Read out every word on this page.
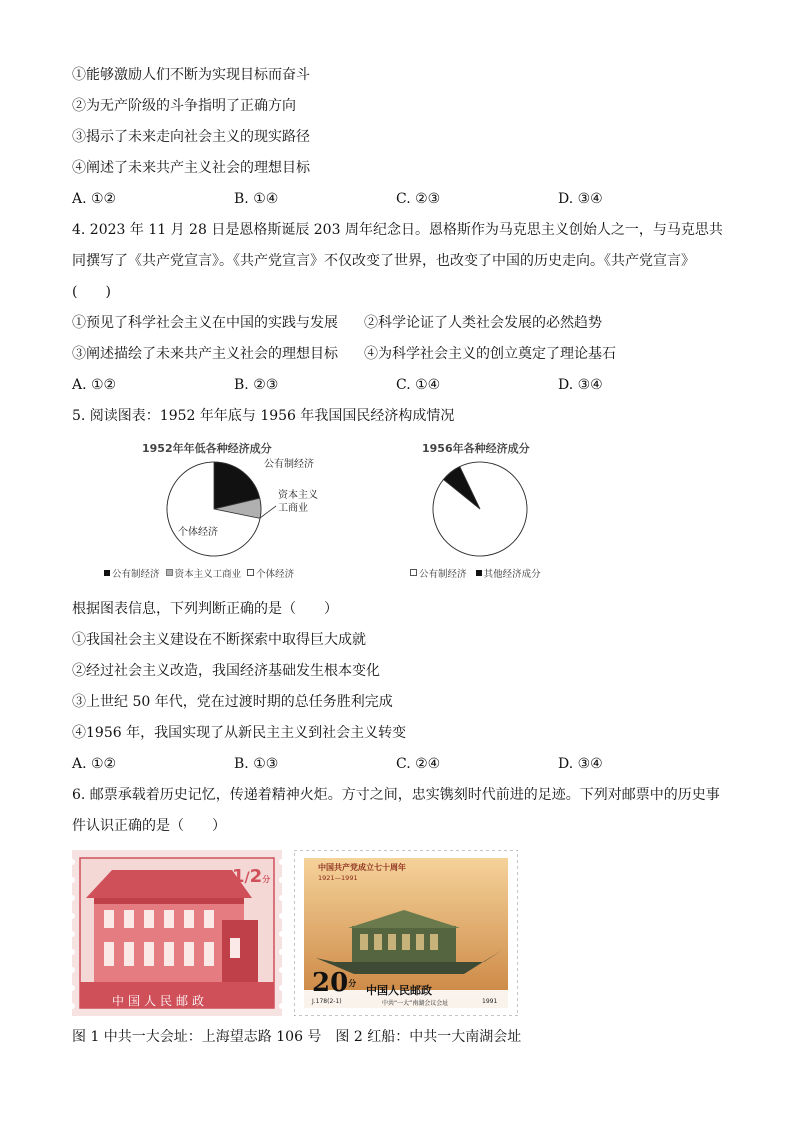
①能够激励人们不断为实现目标而奋斗
②为无产阶级的斗争指明了正确方向
③揭示了未来走向社会主义的现实路径
④阐述了未来共产主义社会的理想目标
A. ①②	B. ①④	C. ②③	D. ③④
4. 2023 年 11 月 28 日是恩格斯诞辰 203 周年纪念日。恩格斯作为马克思主义创始人之一，与马克思共同撰写了《共产党宣言》。《共产党宣言》不仅改变了世界，也改变了中国的历史走向。《共产党宣言》(　　)
①预见了科学社会主义在中国的实践与发展	②科学论证了人类社会发展的必然趋势
③阐述描绘了未来共产主义社会的理想目标	④为科学社会主义的创立奠定了理论基石
A. ①②	B. ②③	C. ①④	D. ③④
5. 阅读图表：1952 年年底与 1956 年我国国民经济构成情况
1952年年低各种经济成分	1956年各种经济成分
公有制经济
资本主义
工商业
个体经济
公有制经济 资本主义工商业 个体经济	公有制经济 其他经济成分
根据图表信息，下列判断正确的是（　　）
①我国社会主义建设在不断探索中取得巨大成就
②经过社会主义改造，我国经济基础发生根本变化
③上世纪 50 年代，党在过渡时期的总任务胜利完成
④1956 年，我国实现了从新民主主义到社会主义转变
A. ①②	B. ①③	C. ②④	D. ③④
6. 邮票承载着历史记忆，传递着精神火炬。方寸之间，忠实镌刻时代前进的足迹。下列对邮票中的历史事件认识正确的是（　　）
1/2分
中国人民邮政
中国共产党成立七十周年
1921—1991
$20^分$
中国人民邮政
J.178(2-1)	中共“一大”南湖会议会址	1991
图 1 中共一大会址：上海望志路 106 号　图 2 红船：中共一大南湖会址
